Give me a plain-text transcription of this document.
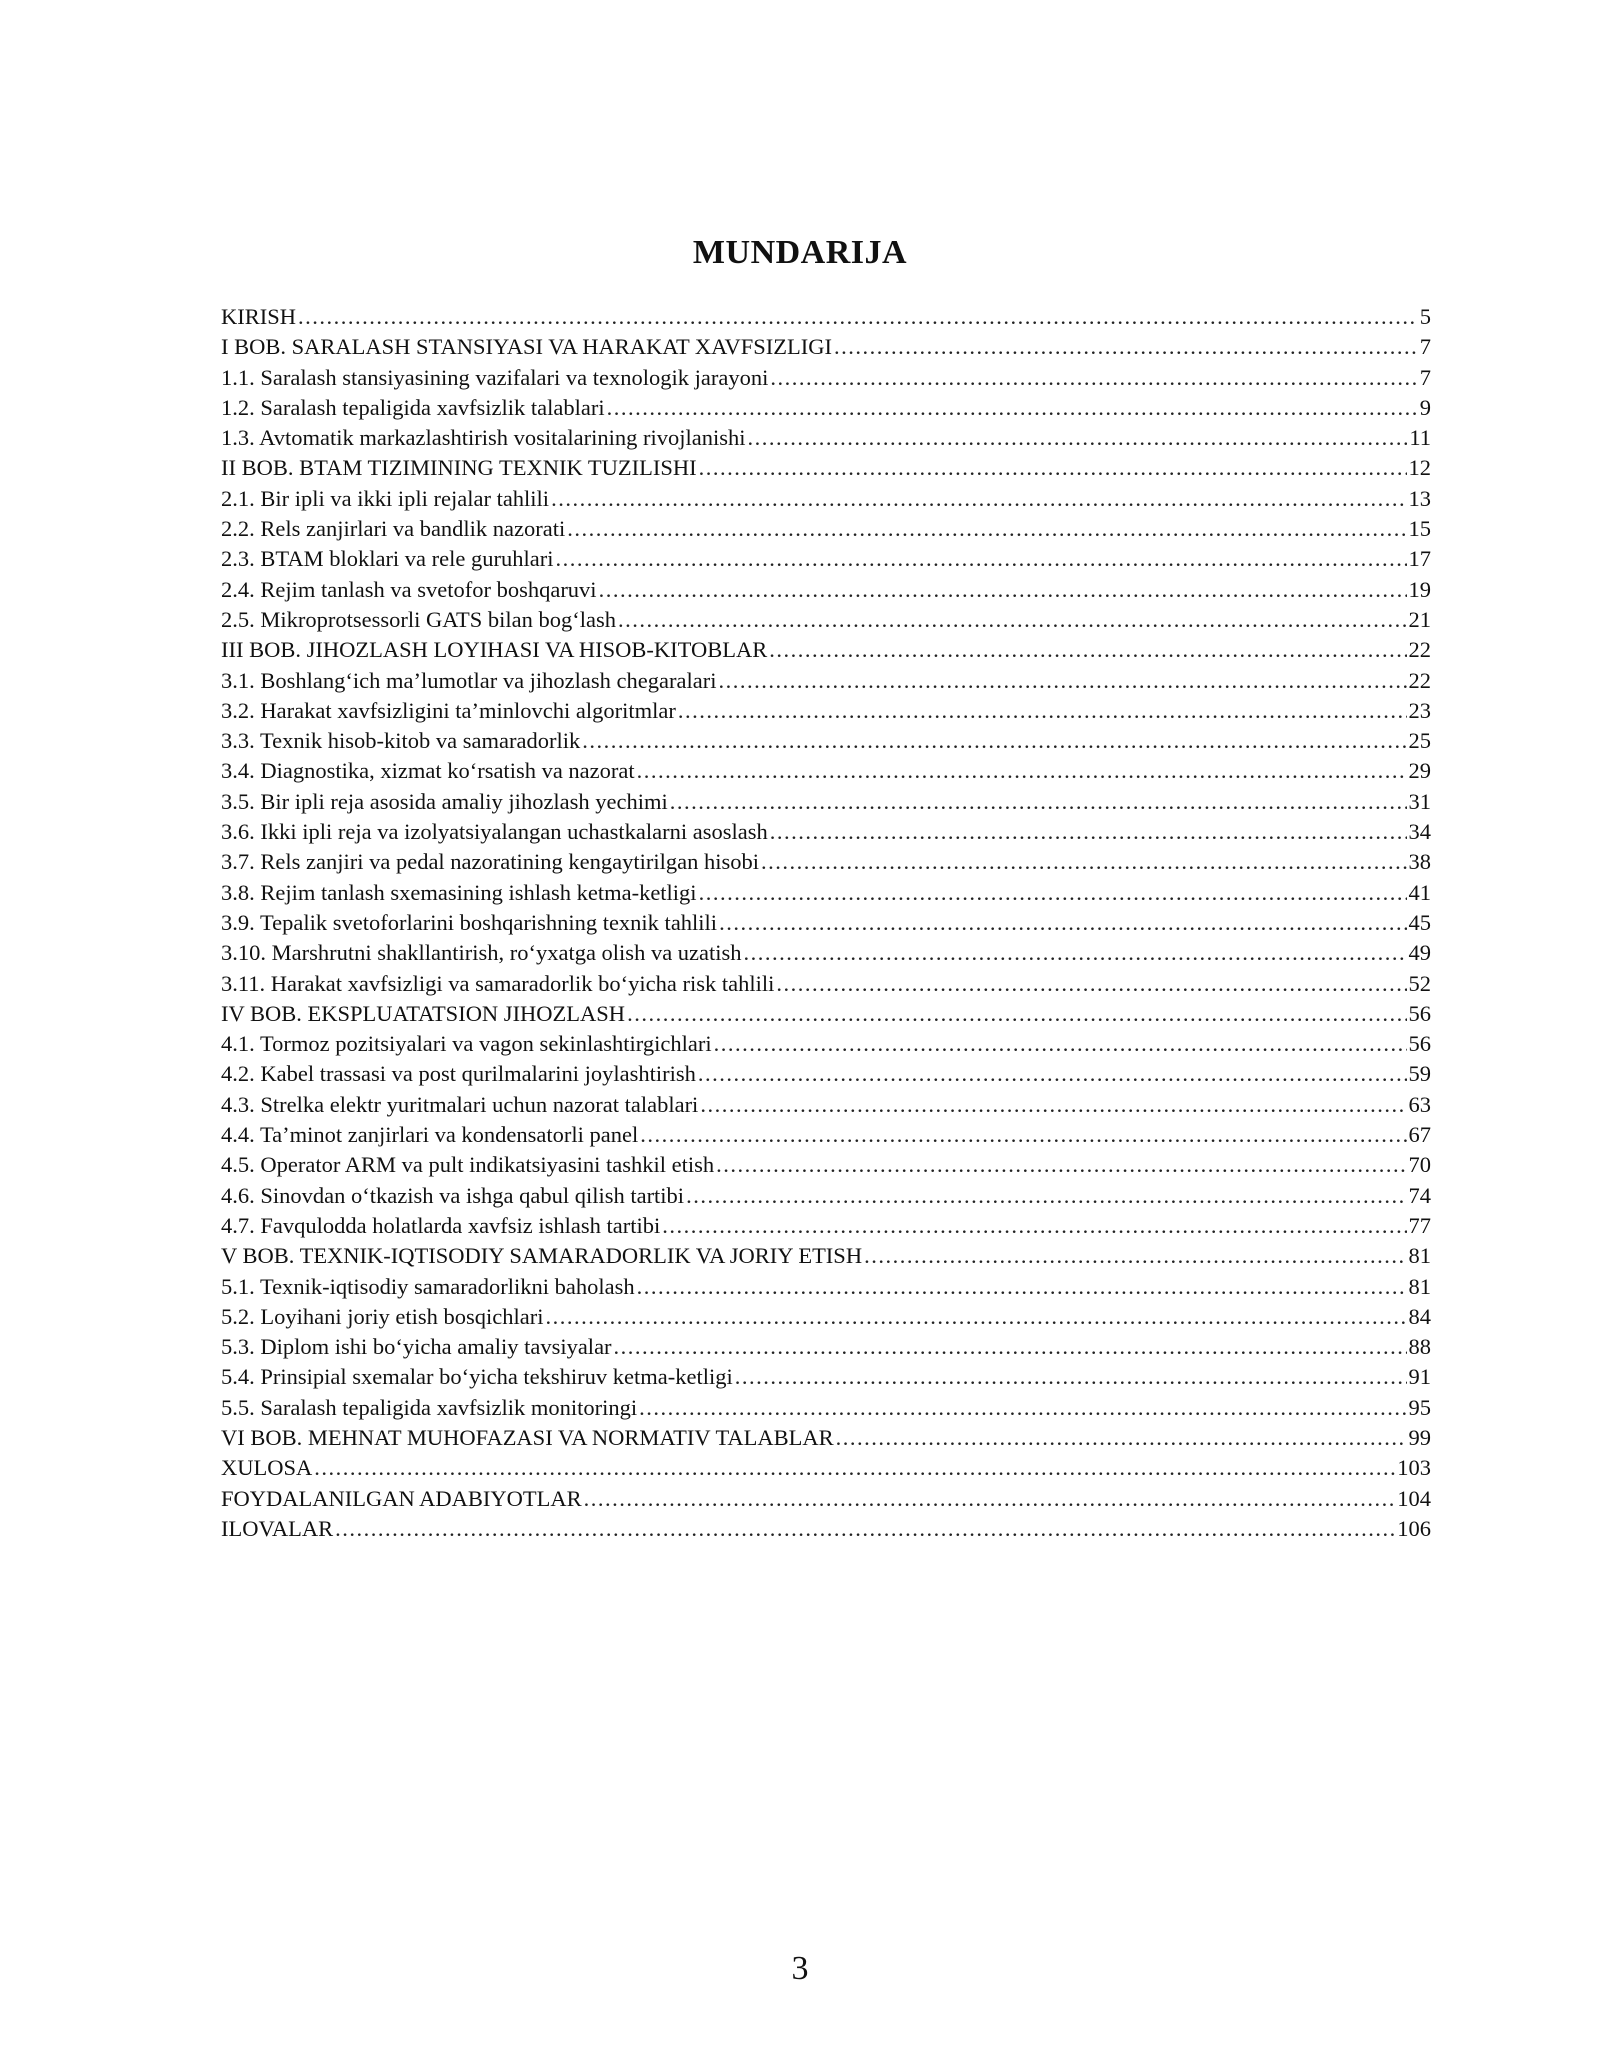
MUNDARIJA
KIRISH .....	5
I BOB. SARALASH STANSIYASI VA HARAKAT XAVFSIZLIGI .....	7
1.1. Saralash stansiyasining vazifalari va texnologik jarayoni .....	7
1.2. Saralash tepaligida xavfsizlik talablari .....	9
1.3. Avtomatik markazlashtirish vositalarining rivojlanishi .....	11
II BOB. BTAM TIZIMINING TEXNIK TUZILISHI .....	12
2.1. Bir ipli va ikki ipli rejalar tahlili .....	13
2.2. Rels zanjirlari va bandlik nazorati .....	15
2.3. BTAM bloklari va rele guruhlari .....	17
2.4. Rejim tanlash va svetofor boshqaruvi .....	19
2.5. Mikroprotsessorli GATS bilan bog‘lash .....	21
III BOB. JIHOZLASH LOYIHASI VA HISOB-KITOBLAR .....	22
3.1. Boshlang‘ich ma’lumotlar va jihozlash chegaralari .....	22
3.2. Harakat xavfsizligini ta’minlovchi algoritmlar .....	23
3.3. Texnik hisob-kitob va samaradorlik .....	25
3.4. Diagnostika, xizmat ko‘rsatish va nazorat .....	29
3.5. Bir ipli reja asosida amaliy jihozlash yechimi .....	31
3.6. Ikki ipli reja va izolyatsiyalangan uchastkalarni asoslash .....	34
3.7. Rels zanjiri va pedal nazoratining kengaytirilgan hisobi .....	38
3.8. Rejim tanlash sxemasining ishlash ketma-ketligi .....	41
3.9. Tepalik svetoforlarini boshqarishning texnik tahlili .....	45
3.10. Marshrutni shakllantirish, ro‘yxatga olish va uzatish .....	49
3.11. Harakat xavfsizligi va samaradorlik bo‘yicha risk tahlili .....	52
IV BOB. EKSPLUATATSION JIHOZLASH .....	56
4.1. Tormoz pozitsiyalari va vagon sekinlashtirgichlari .....	56
4.2. Kabel trassasi va post qurilmalarini joylashtirish .....	59
4.3. Strelka elektr yuritmalari uchun nazorat talablari .....	63
4.4. Ta’minot zanjirlari va kondensatorli panel .....	67
4.5. Operator ARM va pult indikatsiyasini tashkil etish .....	70
4.6. Sinovdan o‘tkazish va ishga qabul qilish tartibi .....	74
4.7. Favqulodda holatlarda xavfsiz ishlash tartibi .....	77
V BOB. TEXNIK-IQTISODIY SAMARADORLIK VA JORIY ETISH .....	81
5.1. Texnik-iqtisodiy samaradorlikni baholash .....	81
5.2. Loyihani joriy etish bosqichlari .....	84
5.3. Diplom ishi bo‘yicha amaliy tavsiyalar .....	88
5.4. Prinsipial sxemalar bo‘yicha tekshiruv ketma-ketligi .....	91
5.5. Saralash tepaligida xavfsizlik monitoringi .....	95
VI BOB. MEHNAT MUHOFAZASI VA NORMATIV TALABLAR .....	99
XULOSA .....	103
FOYDALANILGAN ADABIYOTLAR .....	104
ILOVALAR .....	106
3
